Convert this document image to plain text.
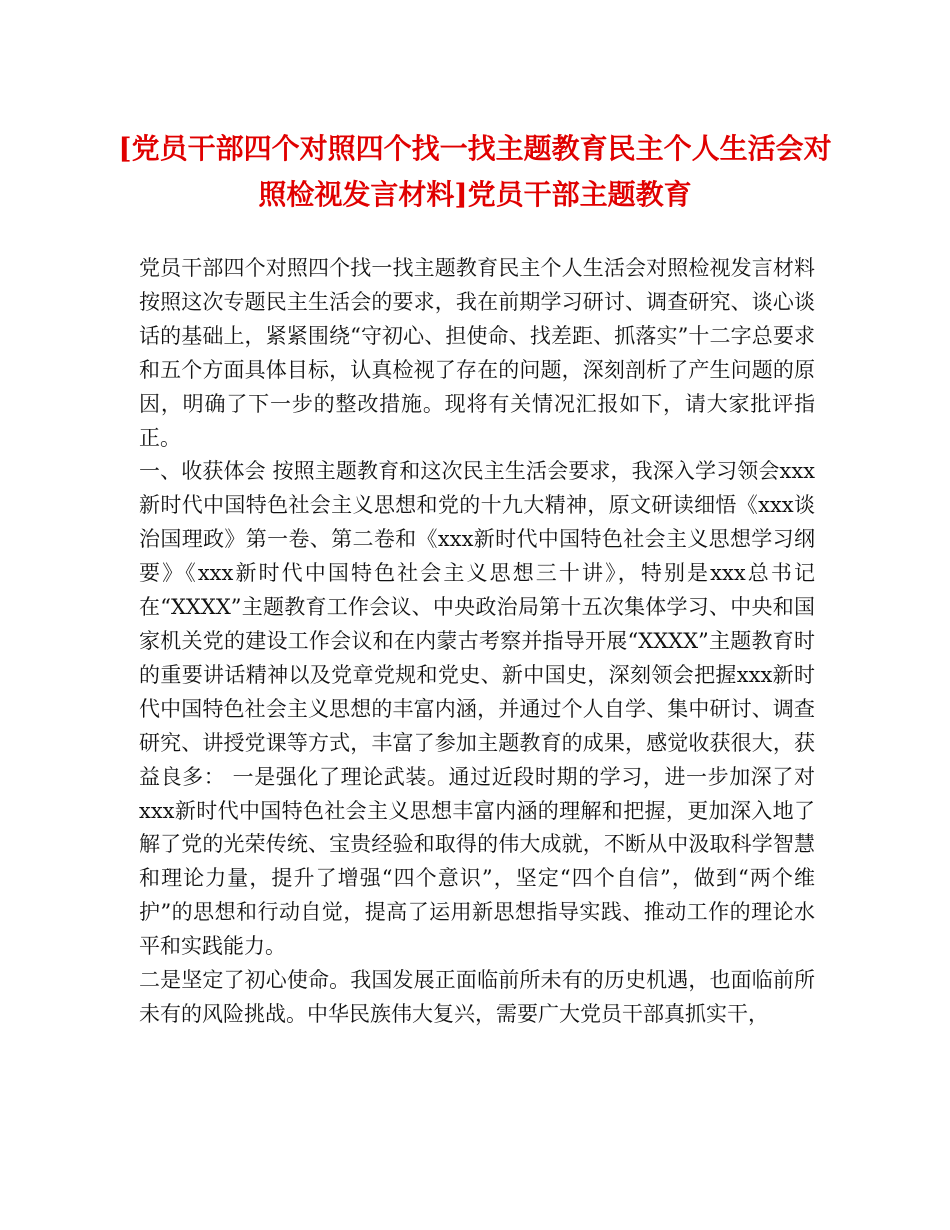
[党员干部四个对照四个找一找主题教育民主个人生活会对照检视发言材料]党员干部主题教育

党员干部四个对照四个找一找主题教育民主个人生活会对照检视发言材料 按照这次专题民主生活会的要求，我在前期学习研讨、调查研究、谈心谈话的基础上，紧紧围绕“守初心、担使命、找差距、抓落实”十二字总要求和五个方面具体目标，认真检视了存在的问题，深刻剖析了产生问题的原因，明确了下一步的整改措施。现将有关情况汇报如下，请大家批评指正。

一、收获体会 按照主题教育和这次民主生活会要求，我深入学习领会xxx新时代中国特色社会主义思想和党的十九大精神，原文研读细悟《xxx谈治国理政》第一卷、第二卷和《xxx新时代中国特色社会主义思想学习纲要》《xxx新时代中国特色社会主义思想三十讲》，特别是xxx总书记在“XXXX”主题教育工作会议、中央政治局第十五次集体学习、中央和国家机关党的建设工作会议和在内蒙古考察并指导开展“XXXX”主题教育时的重要讲话精神以及党章党规和党史、新中国史，深刻领会把握xxx新时代中国特色社会主义思想的丰富内涵，并通过个人自学、集中研讨、调查研究、讲授党课等方式，丰富了参加主题教育的成果，感觉收获很大，获益良多： 一是强化了理论武装。通过近段时期的学习，进一步加深了对xxx新时代中国特色社会主义思想丰富内涵的理解和把握，更加深入地了解了党的光荣传统、宝贵经验和取得的伟大成就，不断从中汲取科学智慧和理论力量，提升了增强“四个意识”，坚定“四个自信”，做到“两个维护”的思想和行动自觉，提高了运用新思想指导实践、推动工作的理论水平和实践能力。

二是坚定了初心使命。我国发展正面临前所未有的历史机遇，也面临前所未有的风险挑战。中华民族伟大复兴，需要广大党员干部真抓实干，
